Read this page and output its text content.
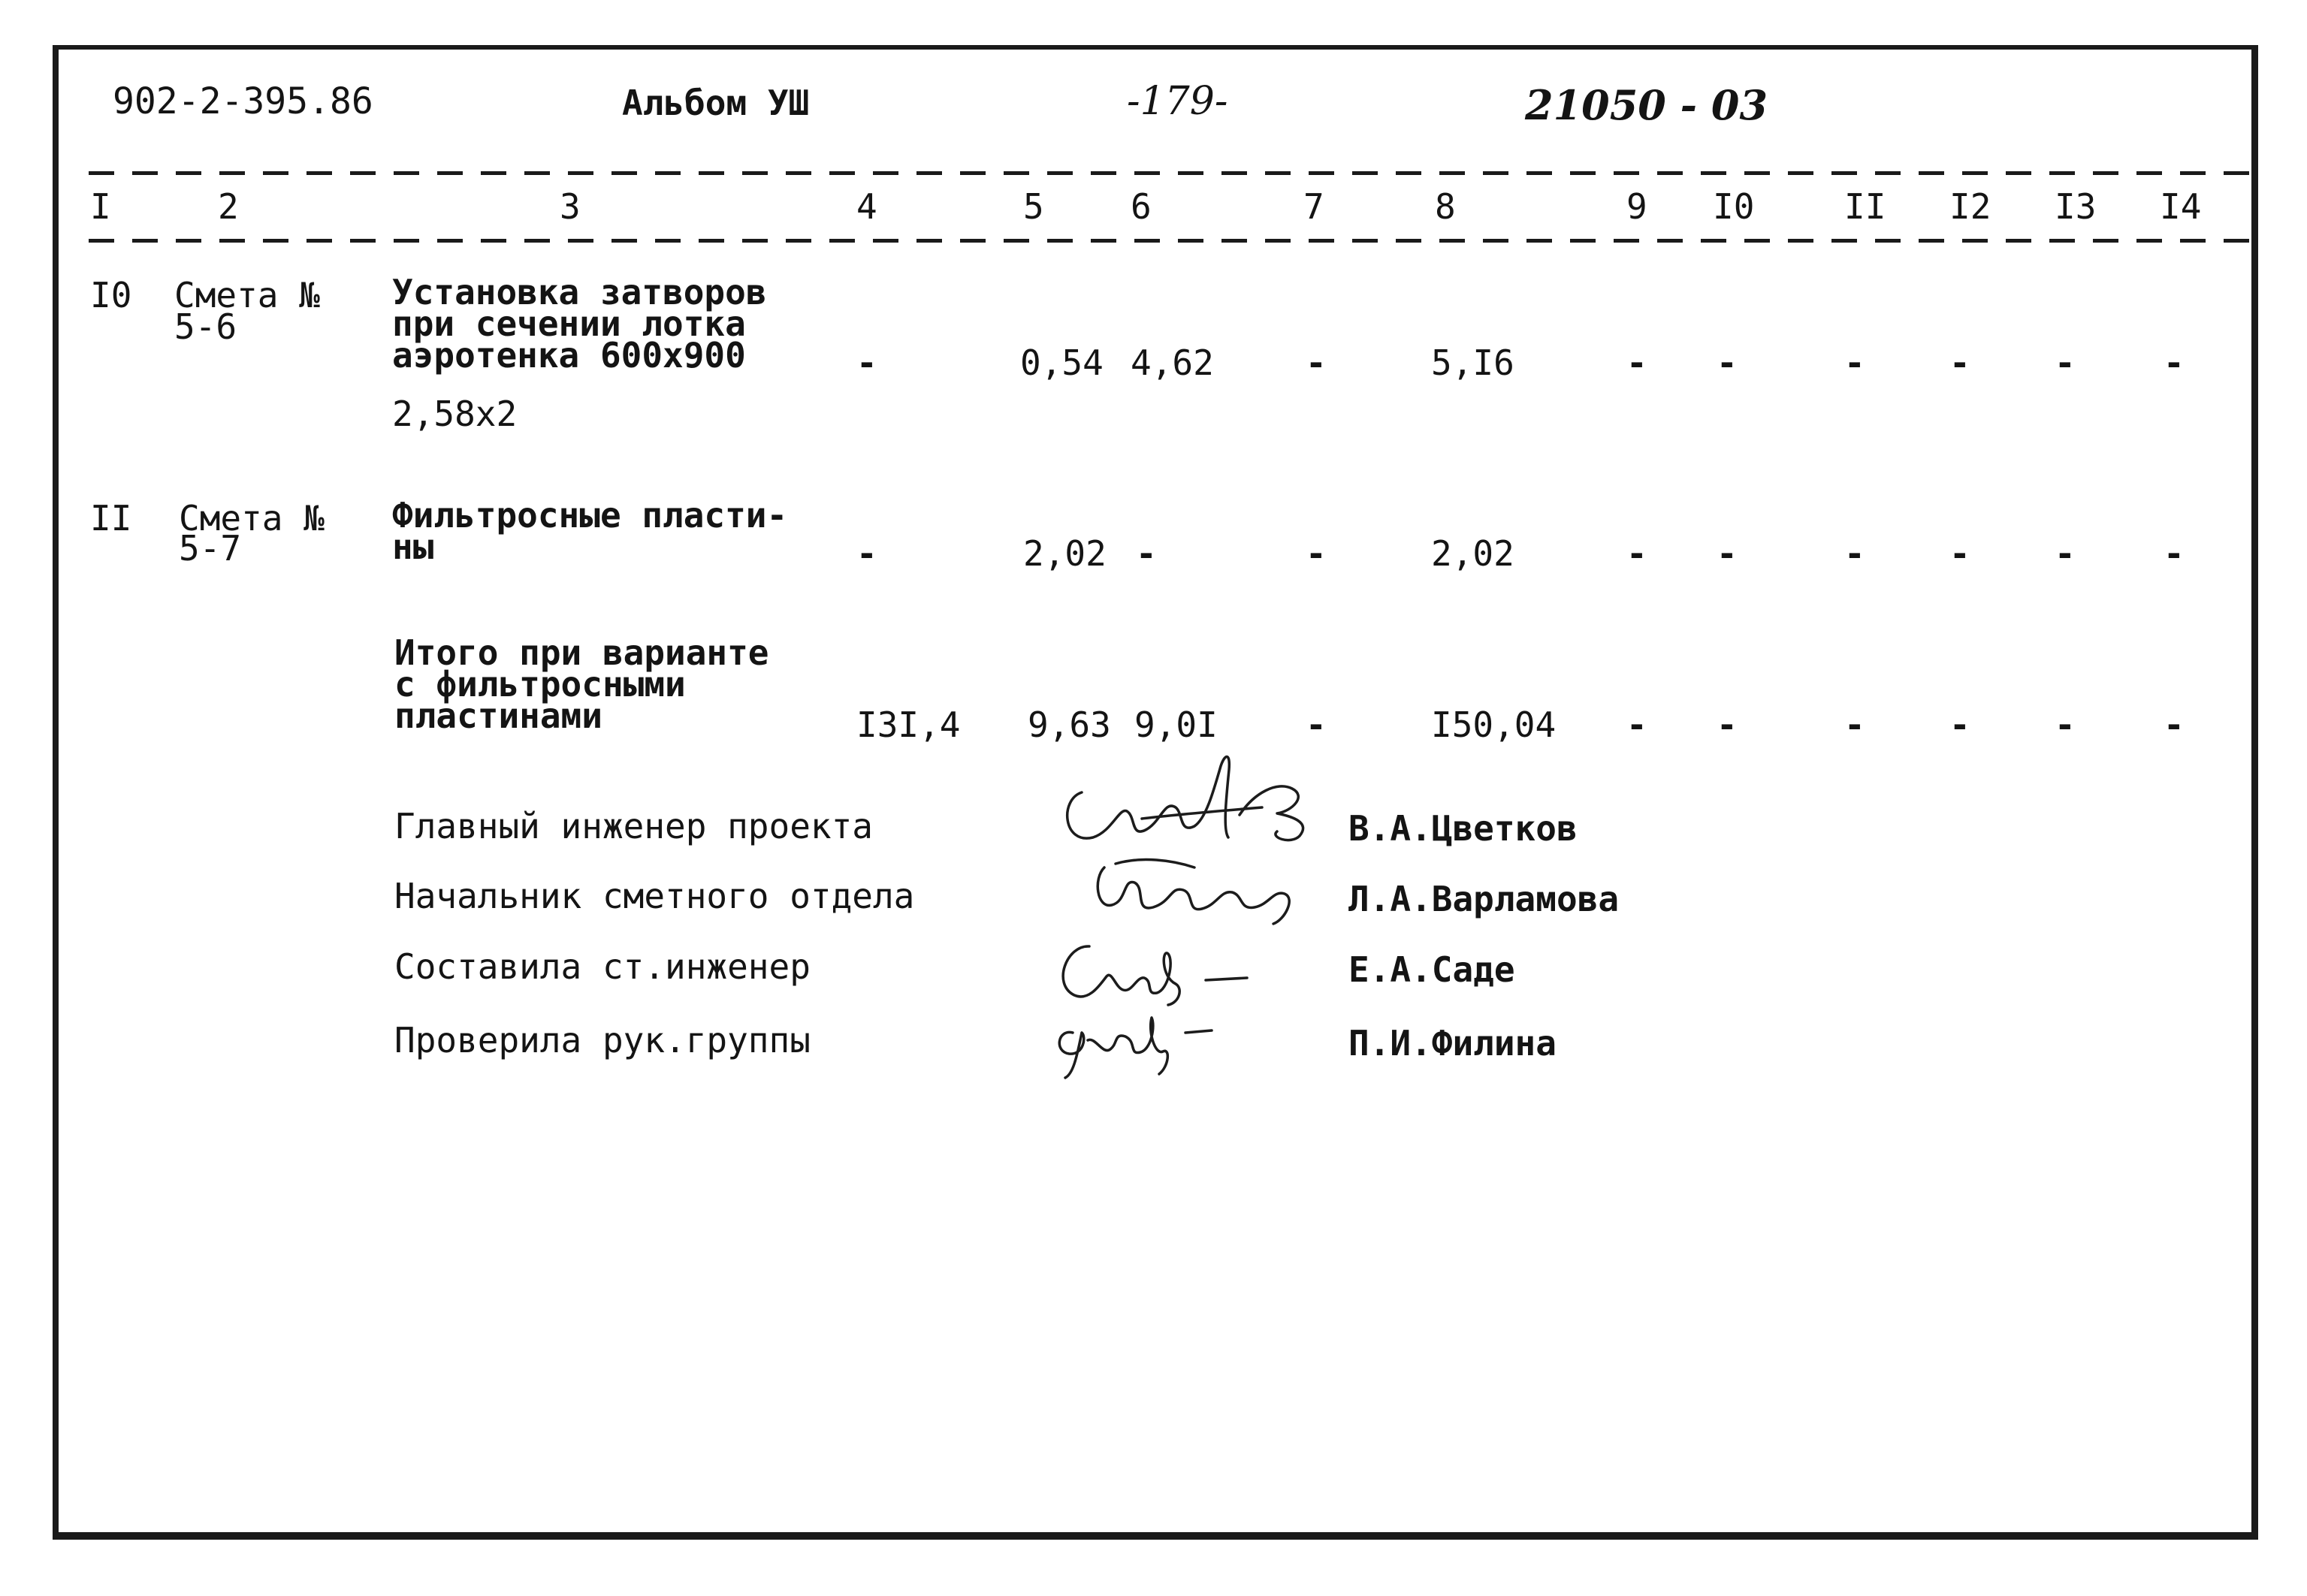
902-2-395.86	Альбом УШ	-179-	21050 - 03
I	2	3	4	5	6	7	8	9 I0	II I2 I3 I4
I0 Смета №
5-6
Установка затворов
при сечении лотка
аэротенка 600х900
2,58х2
-	0,54 4,62	-	5,I6	- -	- - -	-
II Смета №
5-7
Фильтросные пласти-
ны	-	2,02 -	-	2,02	- -	- - -	-
Итого при варианте
с фильтросными
пластинами	I3I,4 9,63 9,0I	-	I50,04 - -	- - -	-
Главный инженер проекта	В.А.Цветков
Начальник сметного отдела	Л.А.Варламова
Составила ст.инженер	Е.А.Саде
Проверила рук.группы	П.И.Филина
